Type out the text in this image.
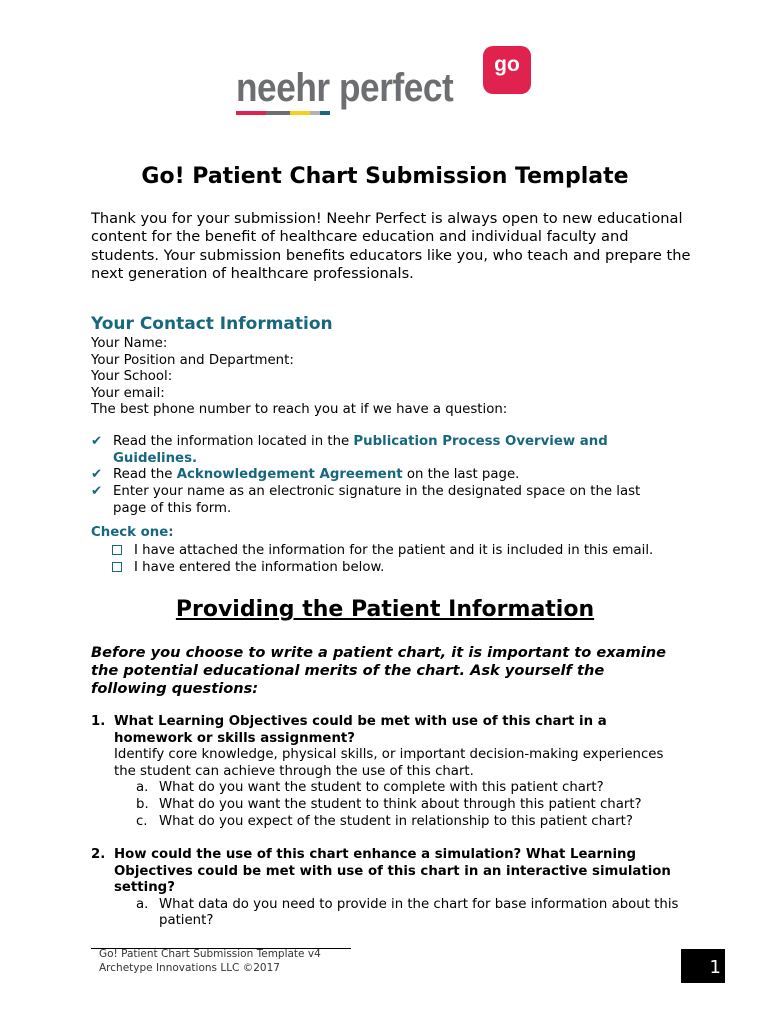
neehr perfect
go
Go! Patient Chart Submission Template

Thank you for your submission! Neehr Perfect is always open to new educational content for the benefit of healthcare education and individual faculty and students. Your submission benefits educators like you, who teach and prepare the next generation of healthcare professionals.

Your Contact Information
Your Name:
Your Position and Department:
Your School:
Your email:
The best phone number to reach you at if we have a question:
✔ Read the information located in the Publication Process Overview and Guidelines.
✔ Read the Acknowledgement Agreement on the last page.
✔ Enter your name as an electronic signature in the designated space on the last page of this form.

Check one:

I have attached the information for the patient and it is included in this email.
I have entered the information below.
Providing the Patient Information

Before you choose to write a patient chart, it is important to examine the potential educational merits of the chart. Ask yourself the following questions:

1. What Learning Objectives could be met with use of this chart in a homework or skills assignment?
Identify core knowledge, physical skills, or important decision-making experiences the student can achieve through the use of this chart.
a. What do you want the student to complete with this patient chart?
b. What do you want the student to think about through this patient chart?
c. What do you expect of the student in relationship to this patient chart?
2. How could the use of this chart enhance a simulation? What Learning Objectives could be met with use of this chart in an interactive simulation setting?
a. What data do you need to provide in the chart for base information about this patient?
Go! Patient Chart Submission Template v4
Archetype Innovations LLC ©2017	1
